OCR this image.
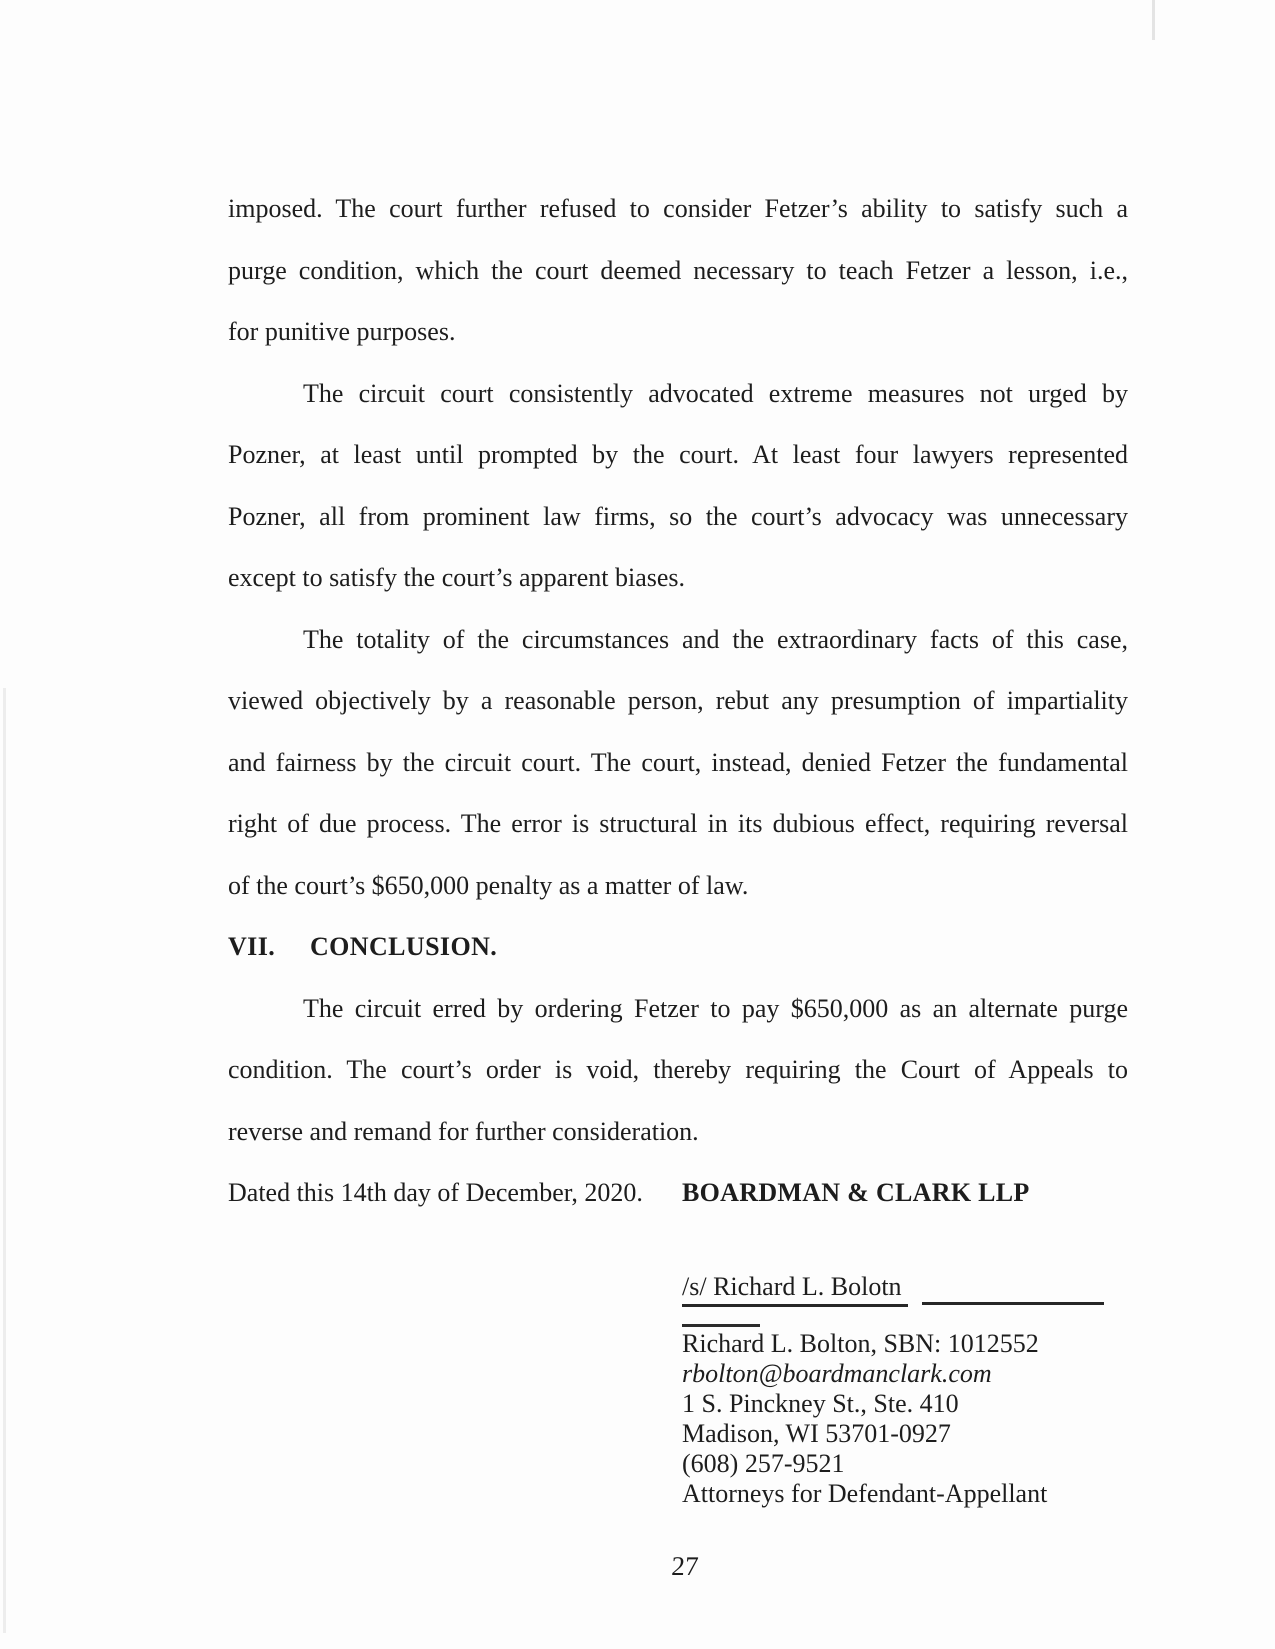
imposed. The court further refused to consider Fetzer’s ability to satisfy such a
purge condition, which the court deemed necessary to teach Fetzer a lesson, i.e.,
for punitive purposes.
The circuit court consistently advocated extreme measures not urged by
Pozner, at least until prompted by the court. At least four lawyers represented
Pozner, all from prominent law firms, so the court’s advocacy was unnecessary
except to satisfy the court’s apparent biases.
The totality of the circumstances and the extraordinary facts of this case,
viewed objectively by a reasonable person, rebut any presumption of impartiality
and fairness by the circuit court. The court, instead, denied Fetzer the fundamental
right of due process. The error is structural in its dubious effect, requiring reversal
of the court’s $650,000 penalty as a matter of law.
VII. CONCLUSION.
The circuit erred by ordering Fetzer to pay $650,000 as an alternate purge
condition. The court’s order is void, thereby requiring the Court of Appeals to
reverse and remand for further consideration.
Dated this 14th day of December, 2020. BOARDMAN & CLARK LLP
/s/ Richard L. Bolotn
Richard L. Bolton, SBN: 1012552
rbolton@boardmanclark.com
1 S. Pinckney St., Ste. 410
Madison, WI 53701-0927
(608) 257-9521
Attorneys for Defendant-Appellant
27
